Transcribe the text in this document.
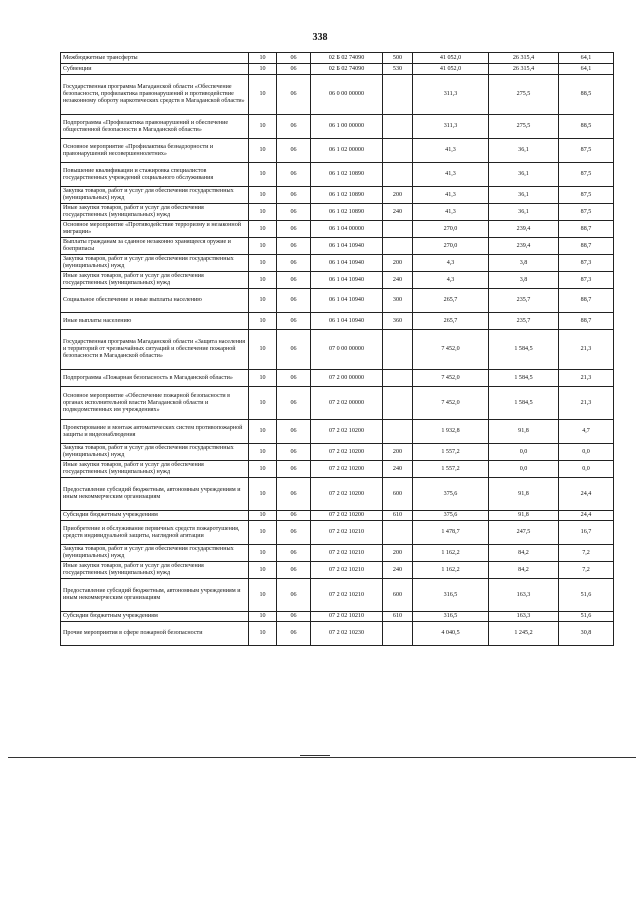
338
Межбюджетные трансферты	10	06	02 Б 02 74090	500	41 052,0	26 315,4	64,1
Субвенции	10	06	02 Б 02 74090	530	41 052,0	26 315,4	64,1
Государственная программа Магаданской области «Обеспечение безопасности, профилактика правонарушений и противодействие незаконному обороту наркотических средств в Магаданской области»	10	06	06 0 00 00000		311,3	275,5	88,5
Подпрограмма «Профилактика правонарушений и обеспечение общественной безопасности в Магаданской области»	10	06	06 1 00 00000		311,3	275,5	88,5
Основное мероприятие «Профилактика безнадзорности и правонарушений несовершеннолетних»	10	06	06 1 02 00000		41,3	36,1	87,5
Повышение квалификации и стажировка специалистов государственных учреждений социального обслуживания	10	06	06 1 02 10890		41,3	36,1	87,5
Закупка товаров, работ и услуг для обеспечения государственных (муниципальных) нужд	10	06	06 1 02 10890	200	41,3	36,1	87,5
Иные закупки товаров, работ и услуг для обеспечения государственных (муниципальных) нужд	10	06	06 1 02 10890	240	41,3	36,1	87,5
Основное мероприятие «Противодействие терроризму и незаконной миграции»	10	06	06 1 04 00000		270,0	239,4	88,7
Выплаты гражданам за сданное незаконно хранящееся оружие и боеприпасы	10	06	06 1 04 10940		270,0	239,4	88,7
Закупка товаров, работ и услуг для обеспечения государственных (муниципальных) нужд	10	06	06 1 04 10940	200	4,3	3,8	87,3
Иные закупки товаров, работ и услуг для обеспечения государственных (муниципальных) нужд	10	06	06 1 04 10940	240	4,3	3,8	87,3
Социальное обеспечение и иные выплаты населению	10	06	06 1 04 10940	300	265,7	235,7	88,7
Иные выплаты населению	10	06	06 1 04 10940	360	265,7	235,7	88,7
Государственная программа Магаданской области «Защита населения и территорий от чрезвычайных ситуаций и обеспечение пожарной безопасности в Магаданской области»	10	06	07 0 00 00000		7 452,0	1 584,5	21,3
Подпрограмма «Пожарная безопасность в Магаданской области»	10	06	07 2 00 00000		7 452,0	1 584,5	21,3
Основное мероприятие «Обеспечение пожарной безопасности в органах исполнительной власти Магаданской области и подведомственных им учреждениях»	10	06	07 2 02 00000		7 452,0	1 584,5	21,3
Проектирование и монтаж автоматических систем противопожарной защиты и видеонаблюдения	10	06	07 2 02 10200		1 932,8	91,8	4,7
Закупка товаров, работ и услуг для обеспечения государственных (муниципальных) нужд	10	06	07 2 02 10200	200	1 557,2	0,0	0,0
Иные закупки товаров, работ и услуг для обеспечения государственных (муниципальных) нужд	10	06	07 2 02 10200	240	1 557,2	0,0	0,0
Предоставление субсидий бюджетным, автономным учреждениям и иным некоммерческим организациям	10	06	07 2 02 10200	600	375,6	91,8	24,4
Субсидии бюджетным учреждениям	10	06	07 2 02 10200	610	375,6	91,8	24,4
Приобретение и обслуживание первичных средств пожаротушения, средств индивидуальной защиты, наглядной агитации	10	06	07 2 02 10210		1 478,7	247,5	16,7
Закупка товаров, работ и услуг для обеспечения государственных (муниципальных) нужд	10	06	07 2 02 10210	200	1 162,2	84,2	7,2
Иные закупки товаров, работ и услуг для обеспечения государственных (муниципальных) нужд	10	06	07 2 02 10210	240	1 162,2	84,2	7,2
Предоставление субсидий бюджетным, автономным учреждениям и иным некоммерческим организациям	10	06	07 2 02 10210	600	316,5	163,3	51,6
Субсидии бюджетным учреждениям	10	06	07 2 02 10210	610	316,5	163,3	51,6
Прочие мероприятия в сфере пожарной безопасности	10	06	07 2 02 10230		4 040,5	1 245,2	30,8
